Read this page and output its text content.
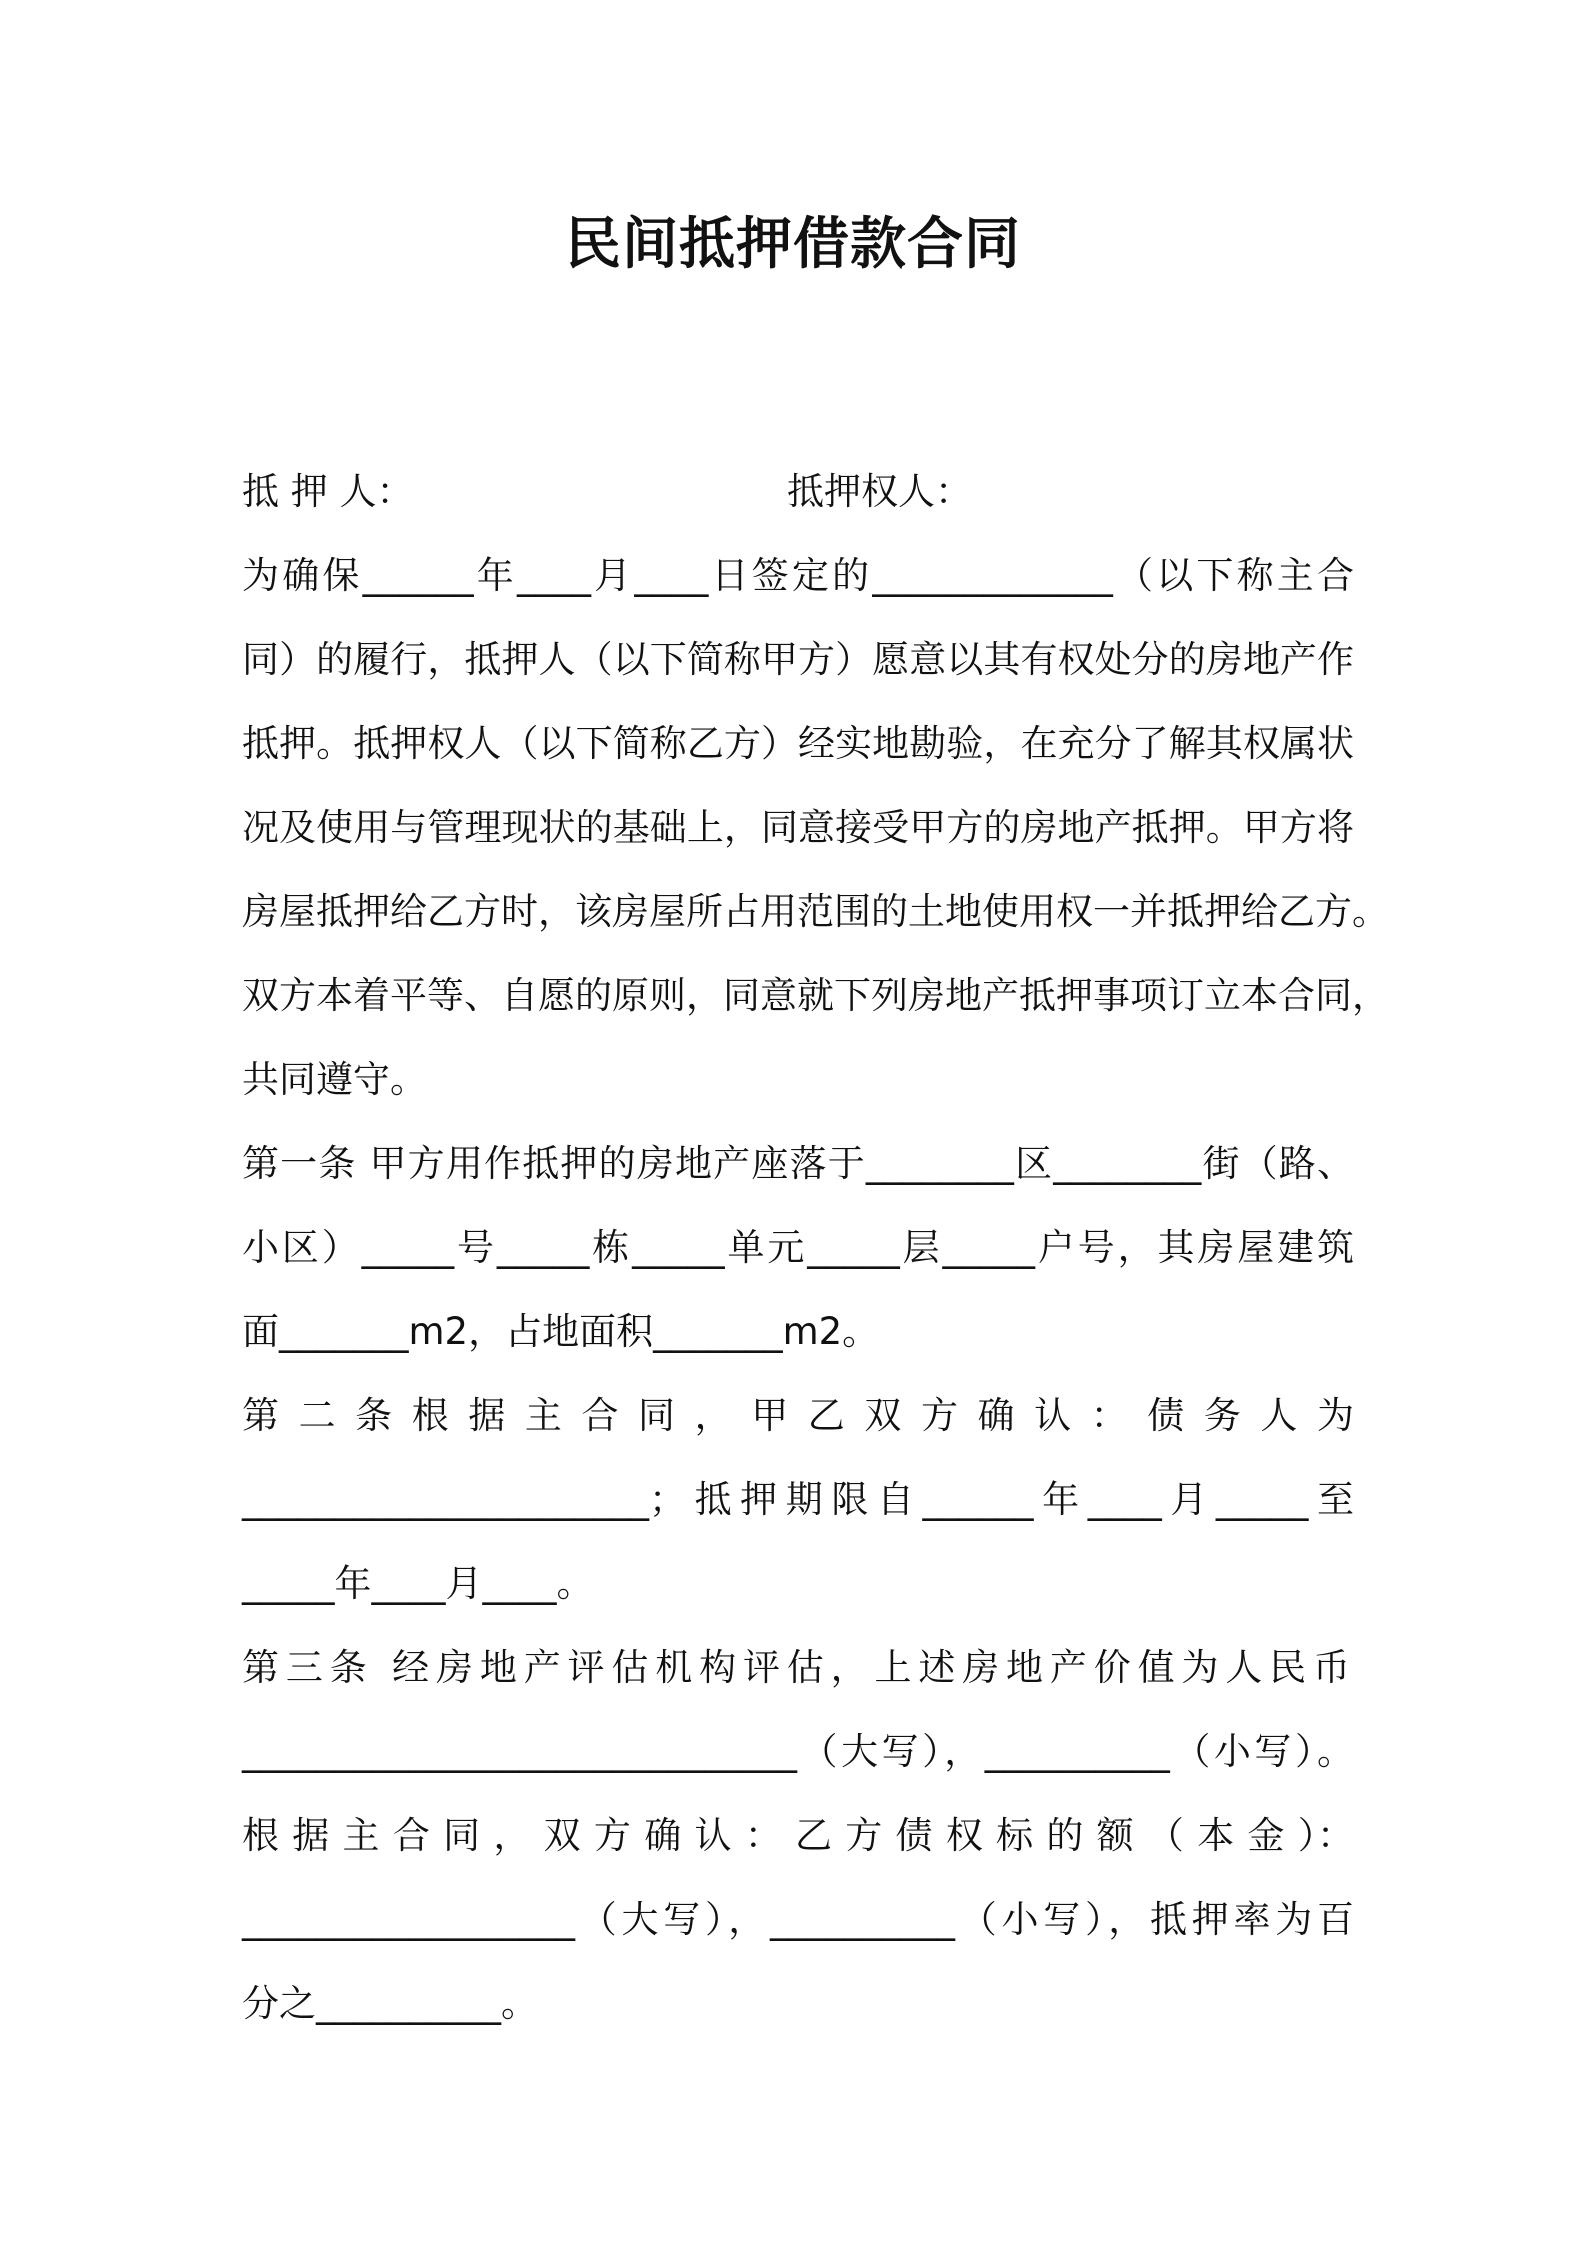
民间抵押借款合同
抵 押 人：	抵押权人：
为确保______年____月____日签定的_____________（以下称主合
同）的履行，抵押人（以下简称甲方）愿意以其有权处分的房地产作
抵押。抵押权人（以下简称乙方）经实地勘验，在充分了解其权属状
况及使用与管理现状的基础上，同意接受甲方的房地产抵押。甲方将
房屋抵押给乙方时，该房屋所占用范围的土地使用权一并抵押给乙方。
双方本着平等、自愿的原则，同意就下列房地产抵押事项订立本合同，
共同遵守。
第一条 甲方用作抵押的房地产座落于________区________街（路、
小区）_____号_____栋_____单元_____层_____户号，其房屋建筑
面_______m2，占地面积_______m2。
第 二 条 根 据 主 合 同 ， 甲 乙 双 方 确 认 ： 债 务 人 为
______________________；抵押期限自______年____月_____至
_____年____月____。
第三条 经房地产评估机构评估，上述房地产价值为人民币
______________________________（大写），__________（小写）。
根 据 主 合 同 ， 双 方 确 认 ： 乙 方 债 权 标 的 额 （ 本 金 ）：
__________________（大写），__________（小写），抵押率为百
分之__________。
